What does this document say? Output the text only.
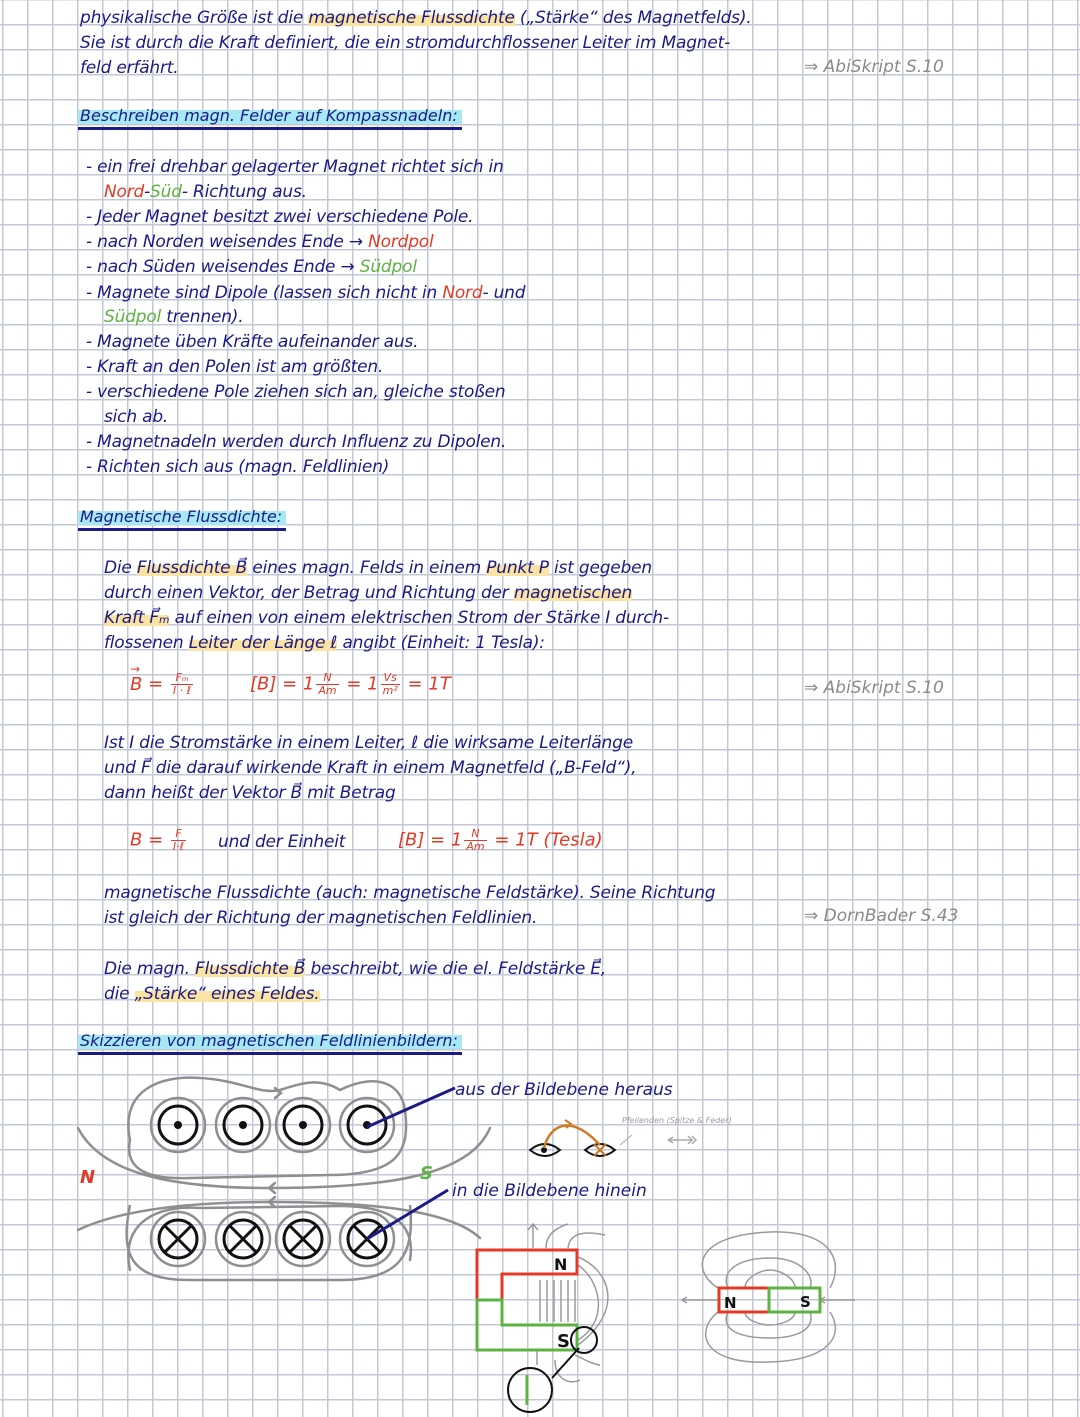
physikalische Größe ist die magnetische Flussdichte („Stärke“ des Magnetfelds).
Sie ist durch die Kraft definiert, die ein stromdurchflossener Leiter im Magnet-
feld erfährt.	⇒ AbiSkript S.10
Beschreiben magn. Felder auf Kompassnadeln:
- ein frei drehbar gelagerter Magnet richtet sich in
Nord-Süd- Richtung aus.
- Jeder Magnet besitzt zwei verschiedene Pole.
- nach Norden weisendes Ende → Nordpol
- nach Süden weisendes Ende → Südpol
- Magnete sind Dipole (lassen sich nicht in Nord- und
Südpol trennen).
- Magnete üben Kräfte aufeinander aus.
- Kraft an den Polen ist am größten.
- verschiedene Pole ziehen sich an, gleiche stoßen
sich ab.
- Magnetnadeln werden durch Influenz zu Dipolen.
- Richten sich aus (magn. Feldlinien)
Magnetische Flussdichte:
Die Flussdichte B⃗ eines magn. Felds in einem Punkt P ist gegeben
durch einen Vektor, der Betrag und Richtung der magnetischen
Kraft F⃗ₘ auf einen von einem elektrischen Strom der Stärke I durch-
flossenen Leiter der Länge ℓ angibt (Einheit: 1 Tesla):
→ $B = \frac{\text{Fₘ}}{\text{I · ℓ}}$	$[B] = 1 \frac{N}{Am} = 1 \frac{Vs}{\text{m²}} = 1T$	⇒ AbiSkript S.10
Ist I die Stromstärke in einem Leiter, ℓ die wirksame Leiterlänge
und F⃗ die darauf wirkende Kraft in einem Magnetfeld („B-Feld“),
dann heißt der Vektor B⃗ mit Betrag
$B = \frac{F}{\text{I·ℓ}}$ und der Einheit	$[B] = 1 \frac{N}{Am} = 1T$ (Tesla)
magnetische Flussdichte (auch: magnetische Feldstärke). Seine Richtung
ist gleich der Richtung der magnetischen Feldlinien.	⇒ DornBader S.43
Die magn. Flussdichte B⃗ beschreibt, wie die el. Feldstärke E⃗,
die „Stärke“ eines Feldes.
Skizzieren von magnetischen Feldlinienbildern:
N	S
aus der Bildebene heraus
in die Bildebene hinein
Pfeilenden (Spitze & Feder)
N
S
N	S
